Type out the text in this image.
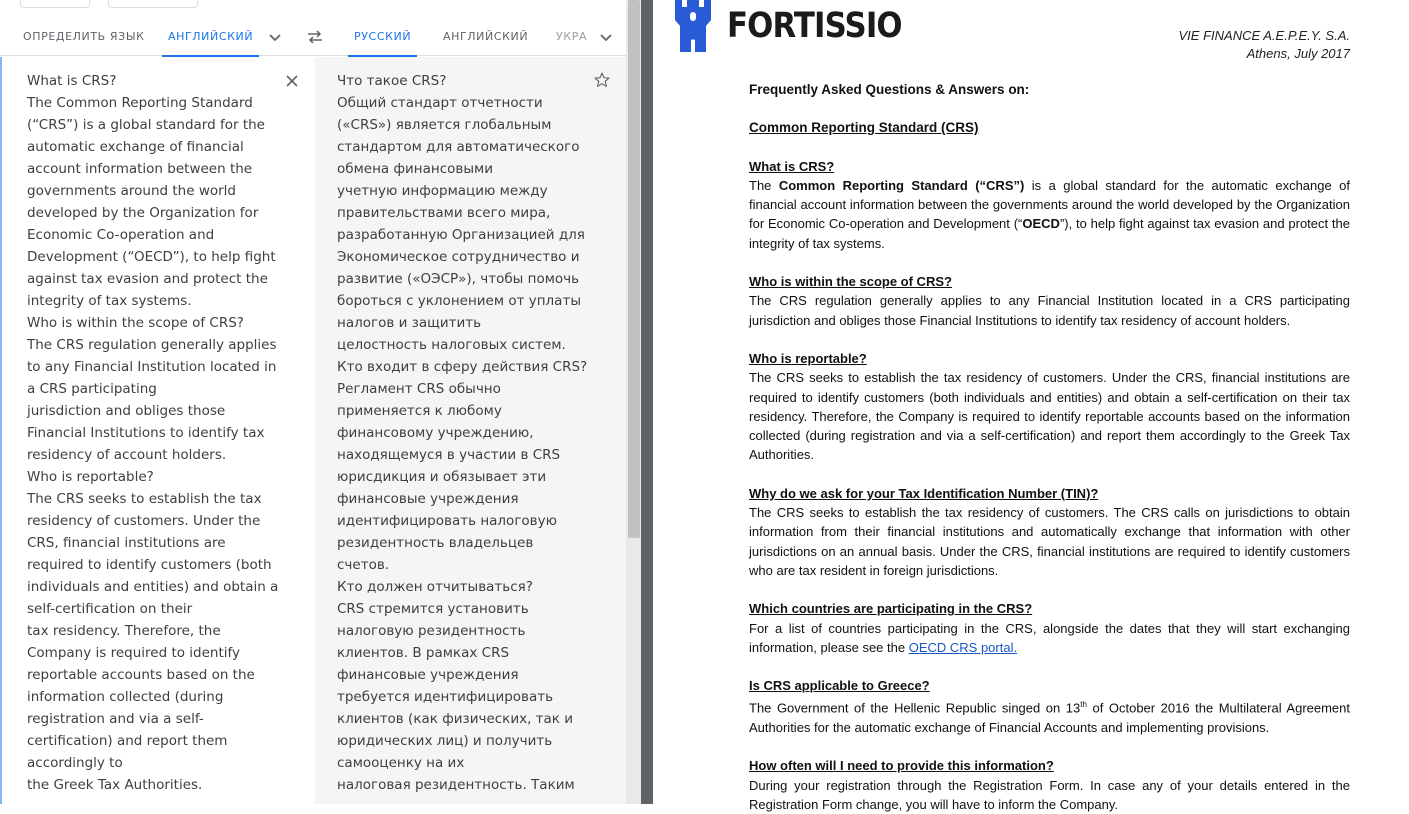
ОПРЕДЕЛИТЬ ЯЗЫК АНГЛИЙСКИЙ	РУССКИЙ	АНГЛИЙСКИЙ	УКРА
What is CRS?
The Common Reporting Standard
(“CRS”) is a global standard for the
automatic exchange of financial
account information between the
governments around the world
developed by the Organization for
Economic Co-operation and
Development (“OECD”), to help fight
against tax evasion and protect the
integrity of tax systems.
Who is within the scope of CRS?
The CRS regulation generally applies
to any Financial Institution located in
a CRS participating
jurisdiction and obliges those
Financial Institutions to identify tax
residency of account holders.
Who is reportable?
The CRS seeks to establish the tax
residency of customers. Under the
CRS, financial institutions are
required to identify customers (both
individuals and entities) and obtain a
self-certification on their
tax residency. Therefore, the
Company is required to identify
reportable accounts based on the
information collected (during
registration and via a self-
certification) and report them
accordingly to
the Greek Tax Authorities.
Что такое CRS?
Общий стандарт отчетности
(«CRS») является глобальным
стандартом для автоматического
обмена финансовыми
учетную информацию между
правительствами всего мира,
разработанную Организацией для
Экономическое сотрудничество и
развитие («ОЭСР»), чтобы помочь
бороться с уклонением от уплаты
налогов и защитить
целостность налоговых систем.
Кто входит в сферу действия CRS?
Регламент CRS обычно
применяется к любому
финансовому учреждению,
находящемуся в участии в CRS
юрисдикция и обязывает эти
финансовые учреждения
идентифицировать налоговую
резидентность владельцев
счетов.
Кто должен отчитываться?
CRS стремится установить
налоговую резидентность
клиентов. В рамках CRS
финансовые учреждения
требуется идентифицировать
клиентов (как физических, так и
юридических лиц) и получить
самооценку на их
налоговая резидентность. Таким
FORTISSIO	VIE FINANCE A.E.P.E.Y. S.A.
Athens, July 2017
Frequently Asked Questions & Answers on:
Common Reporting Standard (CRS)
What is CRS?
The Common Reporting Standard (“CRS”) is a global standard for the automatic exchange of financial account information between the governments around the world developed by the Organization for Economic Co-operation and Development (“OECD”), to help fight against tax evasion and protect the integrity of tax systems.
Who is within the scope of CRS?
The CRS regulation generally applies to any Financial Institution located in a CRS participating jurisdiction and obliges those Financial Institutions to identify tax residency of account holders.
Who is reportable?
The CRS seeks to establish the tax residency of customers. Under the CRS, financial institutions are required to identify customers (both individuals and entities) and obtain a self-certification on their tax residency. Therefore, the Company is required to identify reportable accounts based on the information collected (during registration and via a self-certification) and report them accordingly to the Greek Tax Authorities.
Why do we ask for your Tax Identification Number (TIN)?
The CRS seeks to establish the tax residency of customers. The CRS calls on jurisdictions to obtain information from their financial institutions and automatically exchange that information with other jurisdictions on an annual basis. Under the CRS, financial institutions are required to identify customers who are tax resident in foreign jurisdictions.
Which countries are participating in the CRS?
For a list of countries participating in the CRS, alongside the dates that they will start exchanging information, please see the OECD CRS portal.
Is CRS applicable to Greece?
The Government of the Hellenic Republic singed on 13th of October 2016 the Multilateral Agreement Authorities for the automatic exchange of Financial Accounts and implementing provisions.
How often will I need to provide this information?
During your registration through the Registration Form. In case any of your details entered in the Registration Form change, you will have to inform the Company.
